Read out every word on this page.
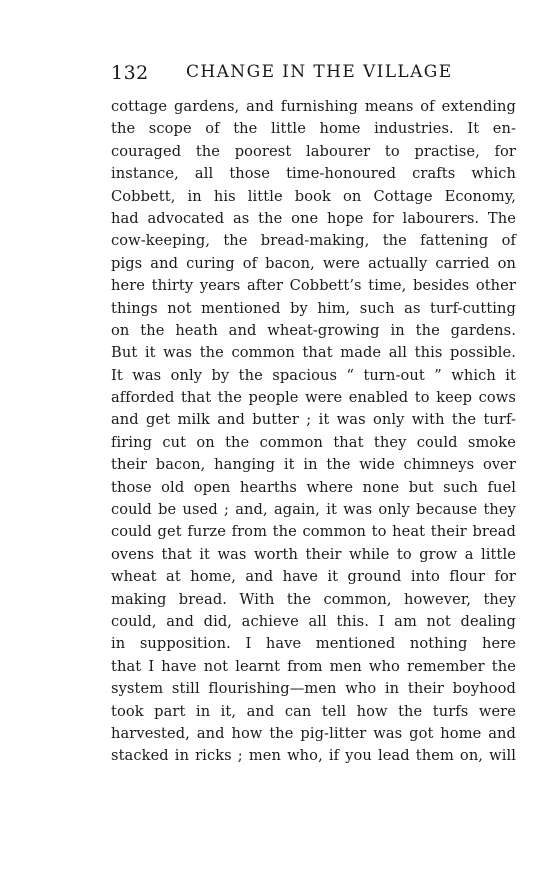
132 CHANGE IN THE VILLAGE
cottage gardens, and furnishing means of extending
the scope of the little home industries. It en-
couraged the poorest labourer to practise, for
instance, all those time-honoured crafts which
Cobbett, in his little book on Cottage Economy,
had advocated as the one hope for labourers. The
cow-keeping, the bread-making, the fattening of
pigs and curing of bacon, were actually carried on
here thirty years after Cobbett’s time, besides other
things not mentioned by him, such as turf-cutting
on the heath and wheat-growing in the gardens.
But it was the common that made all this possible.
It was only by the spacious “ turn-out ” which it
afforded that the people were enabled to keep cows
and get milk and butter ; it was only with the turf-
firing cut on the common that they could smoke
their bacon, hanging it in the wide chimneys over
those old open hearths where none but such fuel
could be used ; and, again, it was only because they
could get furze from the common to heat their bread
ovens that it was worth their while to grow a little
wheat at home, and have it ground into flour for
making bread. With the common, however, they
could, and did, achieve all this. I am not dealing
in supposition. I have mentioned nothing here
that I have not learnt from men who remember the
system still flourishing—men who in their boyhood
took part in it, and can tell how the turfs were
harvested, and how the pig-litter was got home and
stacked in ricks ; men who, if you lead them on, will
